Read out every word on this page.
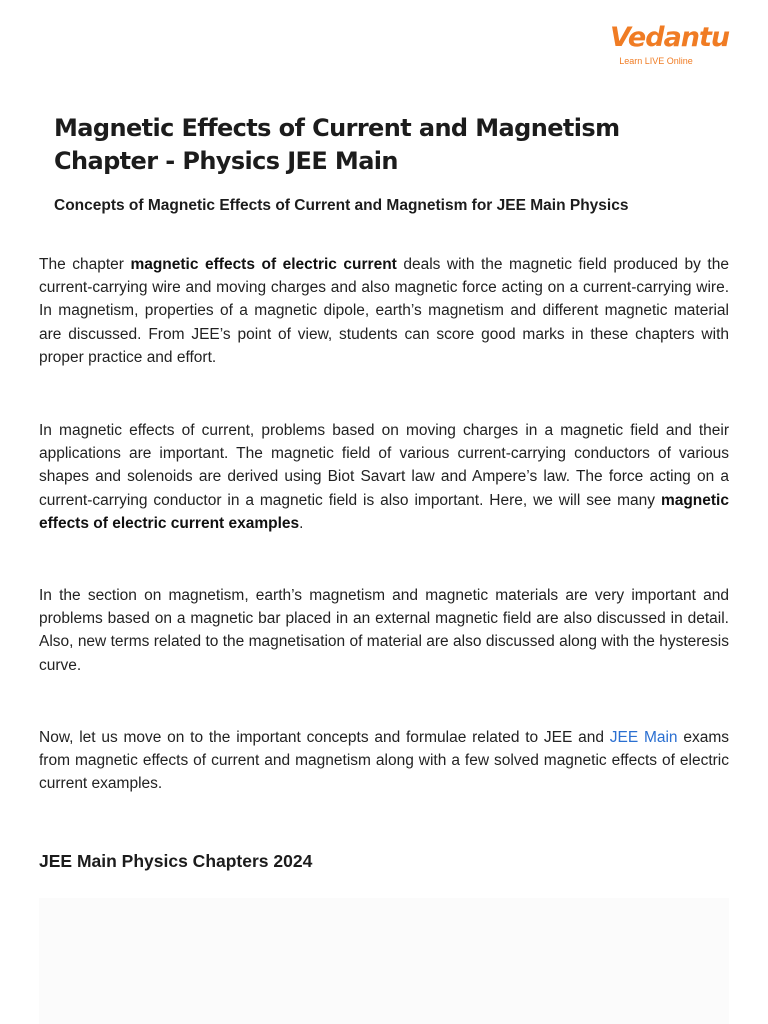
Vedantu
Learn LIVE Online
Magnetic Effects of Current and Magnetism Chapter - Physics JEE Main
Concepts of Magnetic Effects of Current and Magnetism for JEE Main Physics

The chapter magnetic effects of electric current deals with the magnetic field produced by the current-carrying wire and moving charges and also magnetic force acting on a current-carrying wire. In magnetism, properties of a magnetic dipole, earth’s magnetism and different magnetic material are discussed. From JEE’s point of view, students can score good marks in these chapters with proper practice and effort.

In magnetic effects of current, problems based on moving charges in a magnetic field and their applications are important. The magnetic field of various current-carrying conductors of various shapes and solenoids are derived using Biot Savart law and Ampere’s law. The force acting on a current-carrying conductor in a magnetic field is also important. Here, we will see many magnetic effects of electric current examples.

In the section on magnetism, earth’s magnetism and magnetic materials are very important and problems based on a magnetic bar placed in an external magnetic field are also discussed in detail. Also, new terms related to the magnetisation of material are also discussed along with the hysteresis curve.

Now, let us move on to the important concepts and formulae related to JEE and JEE Main exams from magnetic effects of current and magnetism along with a few solved magnetic effects of electric current examples.

JEE Main Physics Chapters 2024
